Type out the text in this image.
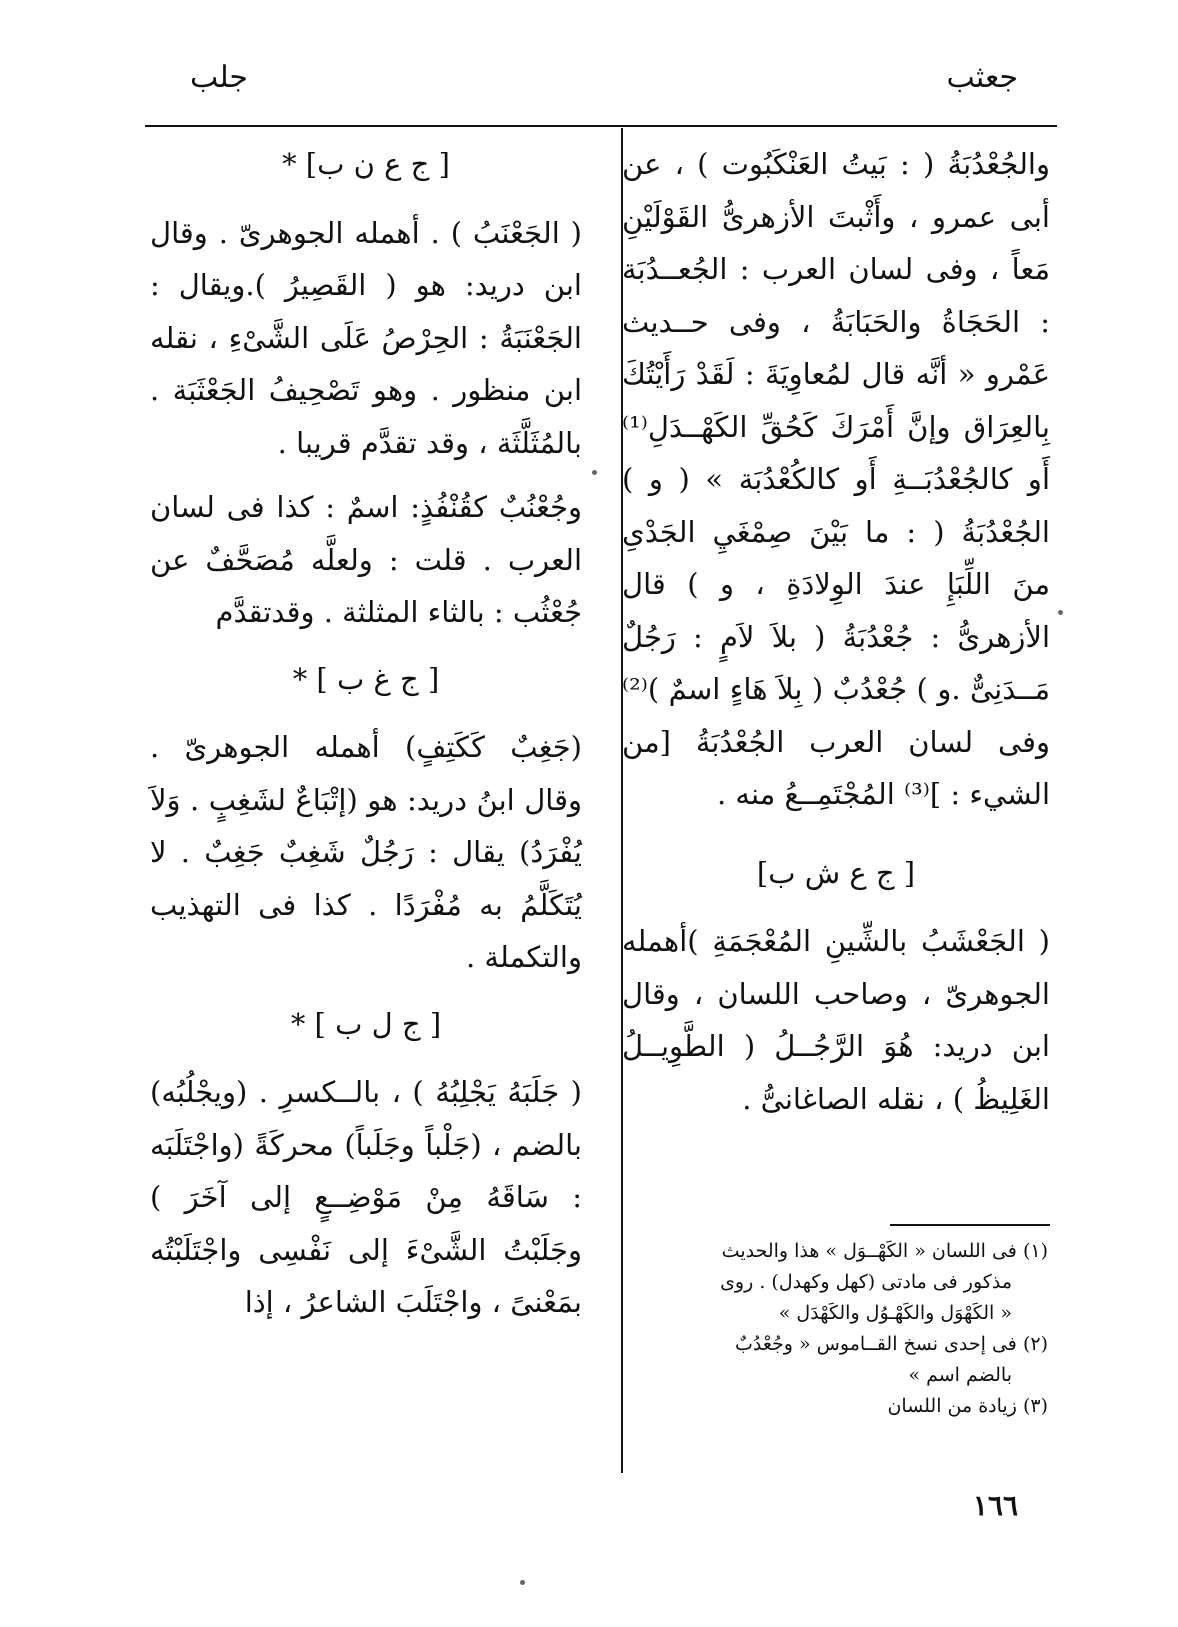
جعثب
جلب

والجُعْدُبَةُ ( : بَيتُ العَنْكَبُوت ) ، عن أبى عمرو ، وأَثْبتَ الأزهرىُّ القَوْلَيْنِ مَعاً ، وفى لسان العرب : الجُعــدُبَة : الحَجَاةُ والحَبَابَةُ ، وفى حــديث عَمْرو « أنَّه قال لمُعاوِيَةَ : لَقَدْ رَأَيْتُكَ بِالعِرَاق وإنَّ أَمْرَكَ كَحُقِّ الكَهْــدَلِ⁽¹⁾ أَو كالجُعْدُبَــةِ أَو كالكُعْدُبَة » ( و ) الجُعْدُبَةُ ( : ما بَيْنَ صِمْغَيِ الجَدْىِ منَ اللِّبَإِ عندَ الوِلادَةِ ، و ) قال الأزهرىُّ : جُعْدُبَةُ ( بلاَ لاَمٍ : رَجُلٌ مَــدَنِىٌّ .و ) جُعْدُبٌ ( بِلاَ هَاءٍ اسمٌ )⁽²⁾ وفى لسان العرب الجُعْدُبَةُ [من الشيء : ]⁽³⁾ المُجْتَمِــعُ منه .

[ ج ع ش ب]

( الجَعْشَبُ بالشِّينِ المُعْجَمَةِ )أهمله الجوهرىّ ، وصاحب اللسان ، وقال ابن دريد: هُوَ الرَّجُــلُ ( الطَّوِيــلُ الغَلِيظُ ) ، نقله الصاغانىُّ .

(١) فى اللسان « الكَهْــوَل » هذا والحديث
مذكور فى مادتى (كهل وكهدل) . روى
« الكَهْوَل والكَهْـوُل والكَهْدَل »
(٢) فى إحدى نسخ القــاموس « وجُعْدُبٌ
بالضم اسم »
(٣) زيادة من اللسان

[ ج ع ن ب] *

( الجَعْنَبُ ) . أهمله الجوهرىّ . وقال ابن دريد: هو ( القَصِيرُ ).ويقال : الجَعْنَبَةُ : الحِرْصُ عَلَى الشَّىْءِ ، نقله ابن منظور . وهو تَصْحِيفُ الجَعْثَبَة . بالمُثَلَّثَة ، وقد تقدَّم قريبا .

وجُعْنُبٌ كقُنْفُذٍ: اسمٌ : كذا فى لسان العرب . قلت : ولعلَّه مُصَحَّفٌ عن جُعْثُب : بالثاء المثلثة . وقدتقدَّم

[ ج غ ب ] *

(جَغِبٌ كَكَتِفٍ) أهمله الجوهرىّ . وقال ابنُ دريد: هو (إتْبَاعٌ لشَغِبٍ . وَلاَ يُفْرَدُ) يقال : رَجُلٌ شَغِبٌ جَغِبٌ . لا يُتَكَلَّمُ به مُفْرَدًا . كذا فى التهذيب والتكملة .

[ ج ل ب ] *

( جَلَبَهُ يَجْلِبُهُ ) ، بالــكسرِ . (ويجْلُبُه) بالضم ، (جَلْباً وجَلَباً) محركَةً (واجْتَلَبَه : سَاقَهُ مِنْ مَوْضِــعٍ إلى آخَرَ ) وجَلَبْتُ الشَّىْءَ إلى نَفْسِى واجْتَلَبْتُه بمَعْنىً ، واجْتَلَبَ الشاعرُ ، إذا

١٦٦
